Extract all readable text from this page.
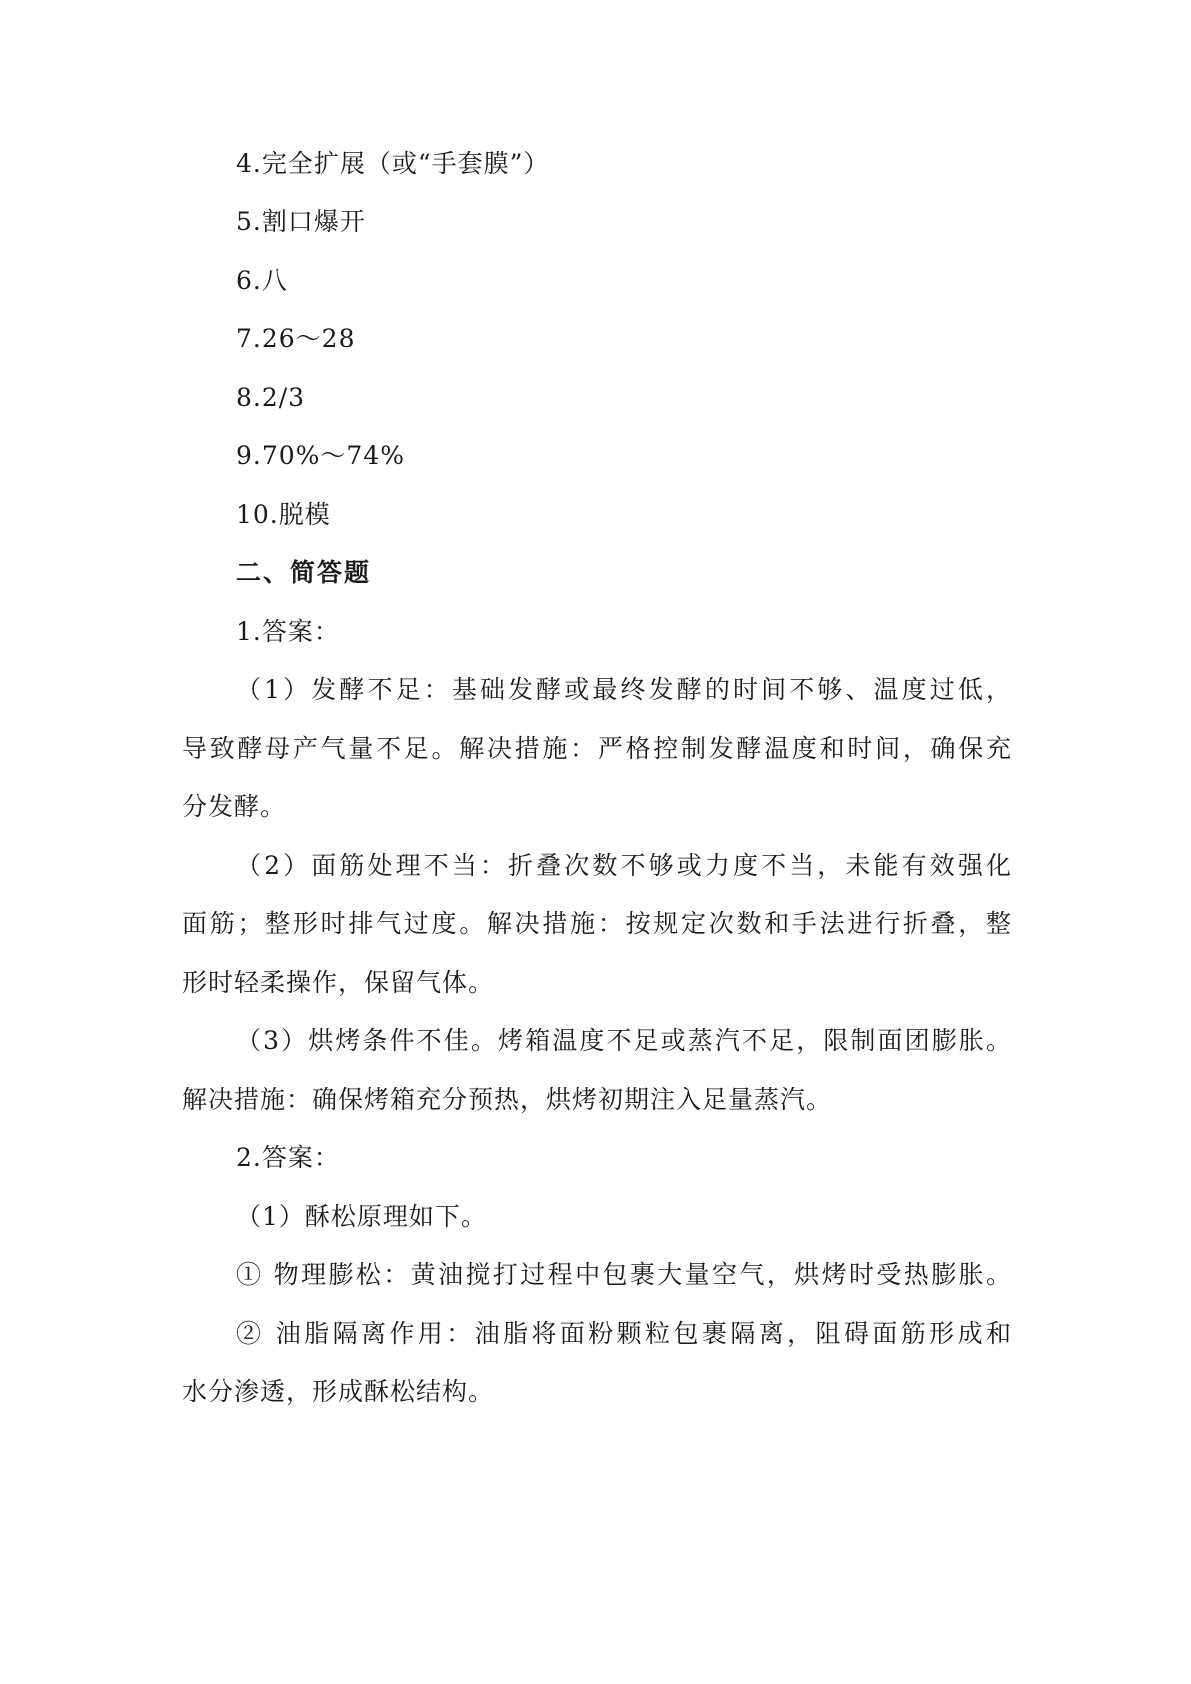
4.完全扩展（或“手套膜”）
5.割口爆开
6.八
7.26～28
8.2/3
9.70%～74%
10.脱模
二、简答题
1.答案：
（1）发酵不足：基础发酵或最终发酵的时间不够、温度过低，
导致酵母产气量不足。解决措施：严格控制发酵温度和时间，确保充
分发酵。
（2）面筋处理不当：折叠次数不够或力度不当，未能有效强化
面筋；整形时排气过度。解决措施：按规定次数和手法进行折叠，整
形时轻柔操作，保留气体。
（3）烘烤条件不佳。烤箱温度不足或蒸汽不足，限制面团膨胀。
解决措施：确保烤箱充分预热，烘烤初期注入足量蒸汽。
2.答案：
（1）酥松原理如下。
① 物理膨松：黄油搅打过程中包裹大量空气，烘烤时受热膨胀。
② 油脂隔离作用：油脂将面粉颗粒包裹隔离，阻碍面筋形成和
水分渗透，形成酥松结构。
